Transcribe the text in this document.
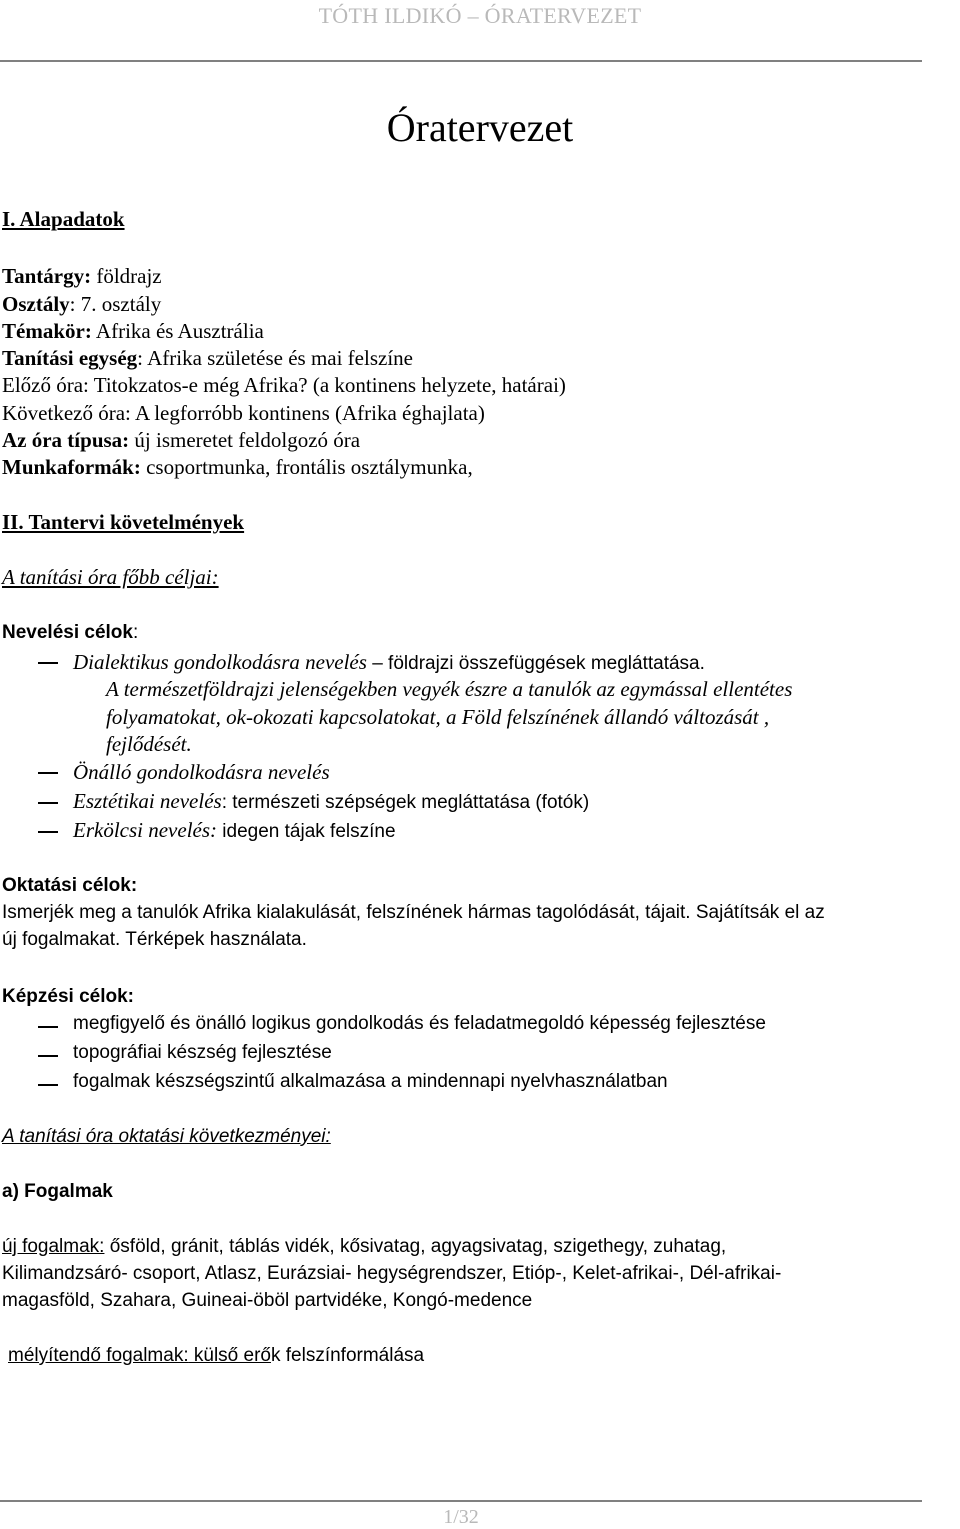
TÓTH ILDIKÓ – ÓRATERVEZET
Óratervezet
I. Alapadatok
Tantárgy: földrajz
Osztály: 7. osztály
Témakör: Afrika és Ausztrália
Tanítási egység: Afrika születése és mai felszíne
Előző óra: Titokzatos-e még Afrika? (a kontinens helyzete, határai)
Következő óra: A legforróbb kontinens (Afrika éghajlata)
Az óra típusa: új ismeretet feldolgozó óra
Munkaformák: csoportmunka, frontális osztálymunka,
II. Tantervi követelmények
A tanítási óra főbb céljai:
Nevelési célok:
Dialektikus gondolkodásra nevelés – földrajzi összefüggések megláttatása.
A természetföldrajzi jelenségekben vegyék észre a tanulók az egymással ellentétes
folyamatokat, ok-okozati kapcsolatokat, a Föld felszínének állandó változását ,
fejlődését.
Önálló gondolkodásra nevelés
Esztétikai nevelés: természeti szépségek megláttatása (fotók)
Erkölcsi nevelés: idegen tájak felszíne
Oktatási célok:
Ismerjék meg a tanulók Afrika kialakulását, felszínének hármas tagolódását, tájait. Sajátítsák el az
új fogalmakat. Térképek használata.
Képzési célok:
megfigyelő és önálló logikus gondolkodás és feladatmegoldó képesség fejlesztése
topográfiai készség fejlesztése
fogalmak készségszintű alkalmazása a mindennapi nyelvhasználatban
A tanítási óra oktatási következményei:
a) Fogalmak
új fogalmak: ősföld, gránit, táblás vidék, kősivatag, agyagsivatag, szigethegy, zuhatag,
Kilimandzsáró- csoport, Atlasz, Eurázsiai- hegységrendszer, Etióp-, Kelet-afrikai-, Dél-afrikai-
magasföld, Szahara, Guineai-öböl partvidéke, Kongó-medence
mélyítendő fogalmak: külső erők felszínformálása
1/32
